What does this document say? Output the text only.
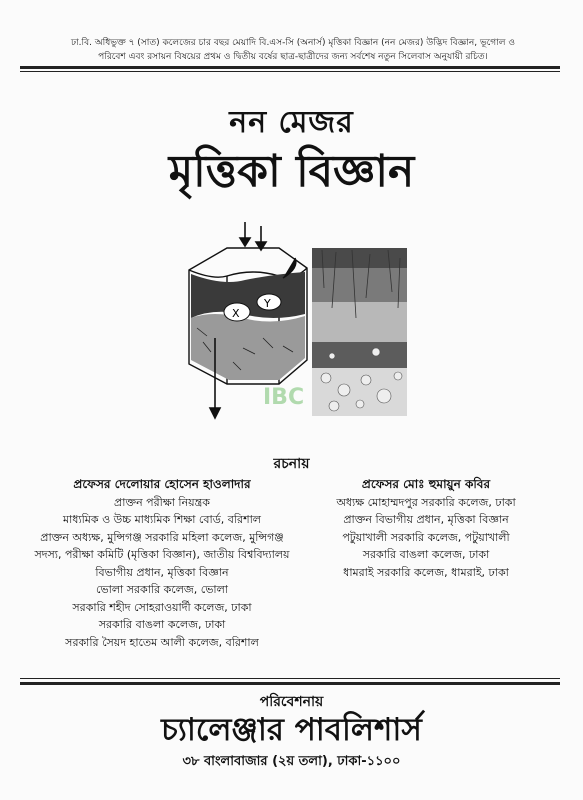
ঢা.বি. অধিভুক্ত ৭ (সাত) কলেজের চার বছর মেয়াদি বি.এস-সি (অনার্স) মৃত্তিকা বিজ্ঞান (নন মেজর) উদ্ভিদ বিজ্ঞান, ভূগোল ও
পরিবেশ এবং রসায়ন বিষয়ের প্রথম ও দ্বিতীয় বর্ষের ছাত্র-ছাত্রীদের জন্য সর্বশেষ নতুন সিলেবাস অনুযায়ী রচিত।
নন মেজর
মৃত্তিকা বিজ্ঞান
X
Y
IBC
রচনায়
প্রফেসর দেলোয়ার হোসেন হাওলাদার
প্রাক্তন পরীক্ষা নিয়ন্ত্রক
মাধ্যমিক ও উচ্চ মাধ্যমিক শিক্ষা বোর্ড, বরিশাল
প্রাক্তন অধ্যক্ষ, মুন্সিগঞ্জ সরকারি মহিলা কলেজ, মুন্সিগঞ্জ
সদস্য, পরীক্ষা কমিটি (মৃত্তিকা বিজ্ঞান), জাতীয় বিশ্ববিদ্যালয়
বিভাগীয় প্রধান, মৃত্তিকা বিজ্ঞান
ভোলা সরকারি কলেজ, ভোলা
সরকারি শহীদ সোহরাওয়ার্দী কলেজ, ঢাকা
সরকারি বাঙলা কলেজ, ঢাকা
সরকারি সৈয়দ হাতেম আলী কলেজ, বরিশাল
প্রফেসর মোঃ হুমায়ুন কবির
অধ্যক্ষ মোহাম্মদপুর সরকারি কলেজ, ঢাকা
প্রাক্তন বিভাগীয় প্রধান, মৃত্তিকা বিজ্ঞান
পটুয়াখালী সরকারি কলেজ, পটুয়াখালী
সরকারি বাঙলা কলেজ, ঢাকা
ধামরাই সরকারি কলেজ, ধামরাই, ঢাকা
পরিবেশনায়
চ্যালেঞ্জার পাবলিশার্স
৩৮ বাংলাবাজার (২য় তলা), ঢাকা-১১০০
